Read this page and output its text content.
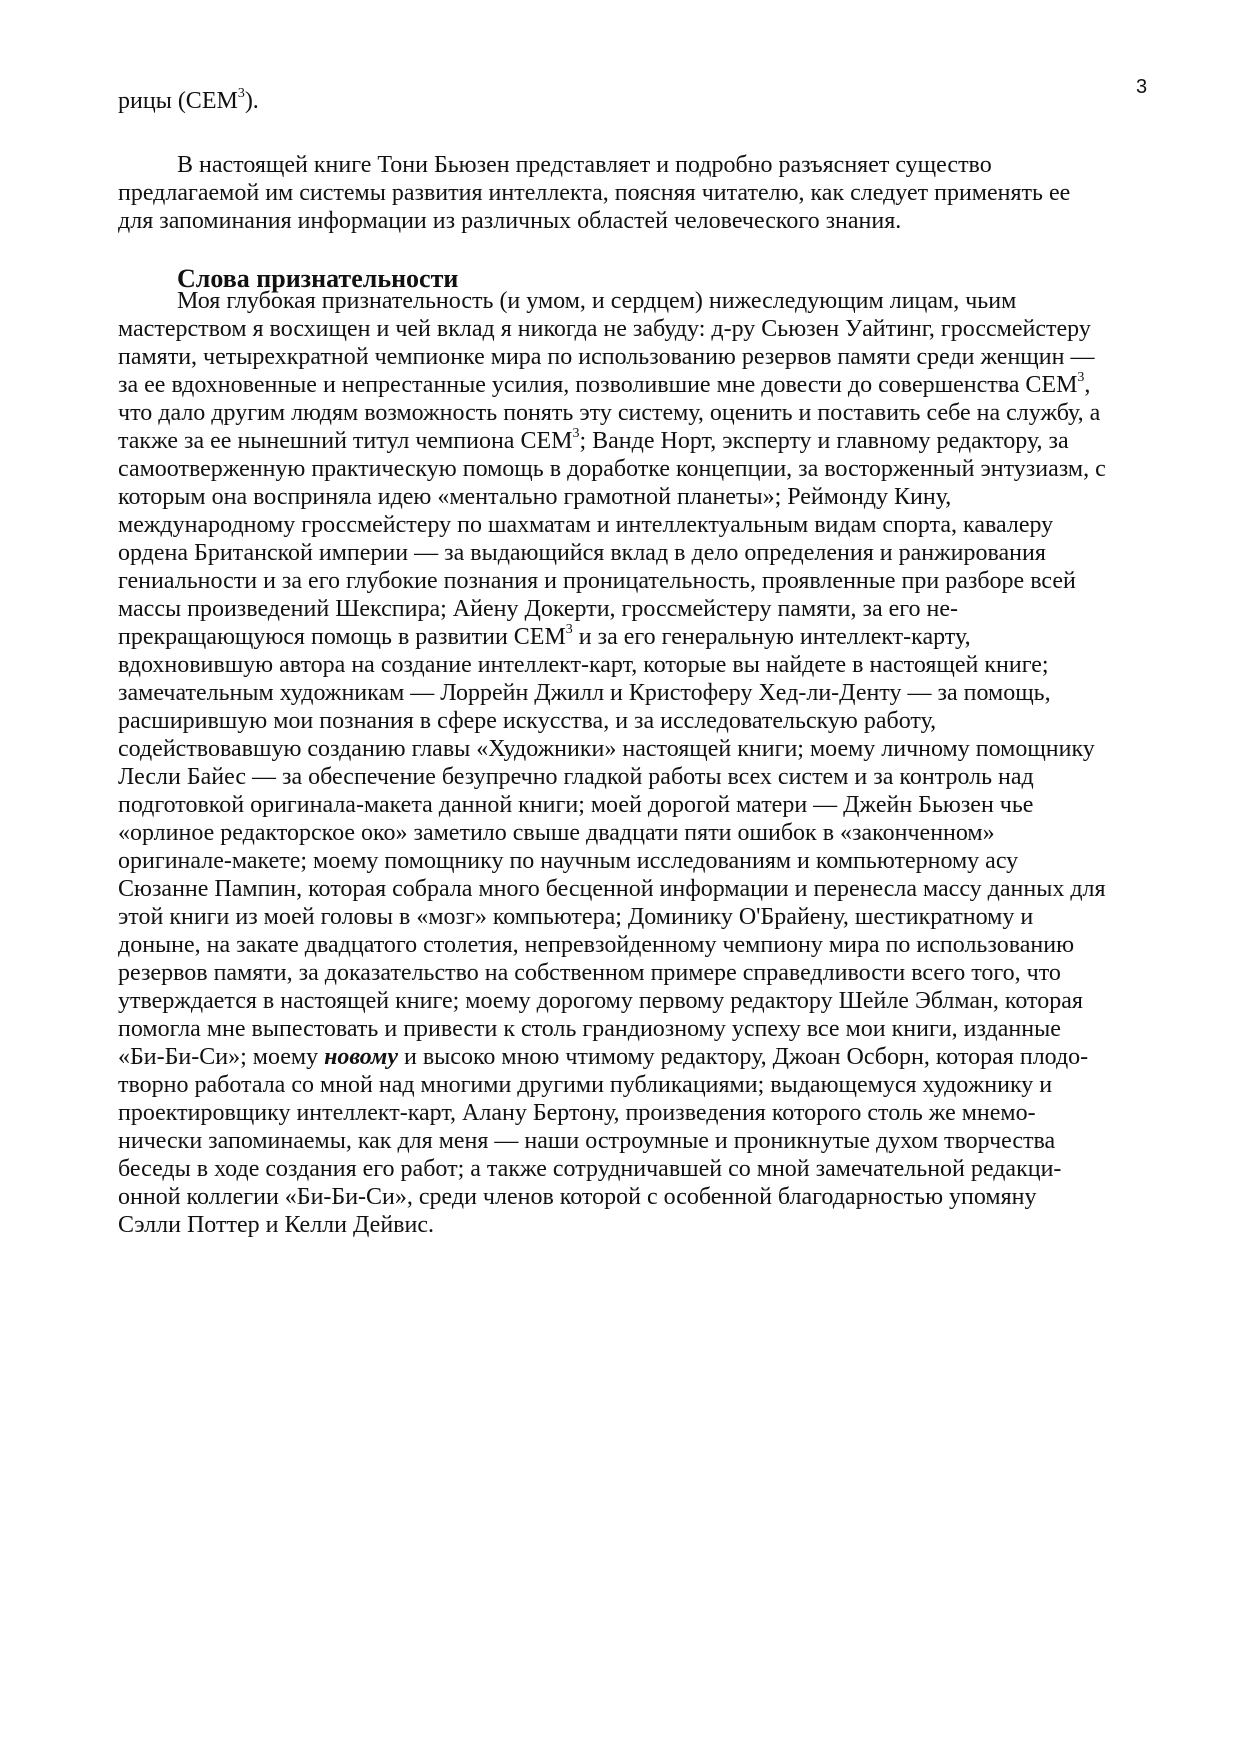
3

рицы (СЕМ$^3$).

В настоящей книге Тони Бьюзен представляет и подробно разъясняет существо

предлагаемой им системы развития интеллекта, поясняя читателю, как следует применять ее

для запоминания информации из различных областей человеческого знания.

Слова признательности

Моя глубокая признательность (и умом, и сердцем) нижеследующим лицам, чьим

мастерством я восхищен и чей вклад я никогда не забуду: д-ру Сьюзен Уайтинг, гроссмейстеру

памяти, четырехкратной чемпионке мира по использованию резервов памяти среди женщин —

за ее вдохновенные и непрестанные усилия, позволившие мне довести до совершенства СЕМ$^3$,

что дало другим людям возможность понять эту систему, оценить и поставить себе на службу, а

также за ее нынешний титул чемпиона СЕМ$^3$; Ванде Норт, эксперту и главному редактору, за

самоотверженную практическую помощь в доработке концепции, за восторженный энтузиазм, с

которым она восприняла идею «ментально грамотной планеты»; Реймонду Кину,

международному гроссмейстеру по шахматам и интеллектуальным видам спорта, кавалеру

ордена Британской империи — за выдающийся вклад в дело определения и ранжирования

гениальности и за его глубокие познания и проницательность, проявленные при разборе всей

массы произведений Шекспира; Айену Докерти, гроссмейстеру памяти, за его не-

прекращающуюся помощь в развитии СЕМ$^3$ и за его генеральную интеллект-карту,

вдохновившую автора на создание интеллект-карт, которые вы найдете в настоящей книге;

замечательным художникам — Лоррейн Джилл и Кристоферу Хед-ли-Денту — за помощь,

расширившую мои познания в сфере искусства, и за исследовательскую работу,

содействовавшую созданию главы «Художники» настоящей книги; моему личному помощнику

Лесли Байес — за обеспечение безупречно гладкой работы всех систем и за контроль над

подготовкой оригинала-макета данной книги; моей дорогой матери — Джейн Бьюзен чье

«орлиное редакторское око» заметило свыше двадцати пяти ошибок в «законченном»

оригинале-макете; моему помощнику по научным исследованиям и компьютерному асу

Сюзанне Пампин, которая собрала много бесценной информации и перенесла массу данных для

этой книги из моей головы в «мозг» компьютера; Доминику О'Брайену, шестикратному и

доныне, на закате двадцатого столетия, непревзойденному чемпиону мира по использованию

резервов памяти, за доказательство на собственном примере справедливости всего того, что

утверждается в настоящей книге; моему дорогому первому редактору Шейле Эблман, которая

помогла мне выпестовать и привести к столь грандиозному успеху все мои книги, изданные

«Би-Би-Си»; моему новому и высоко мною чтимому редактору, Джоан Осборн, которая плодо-

творно работала со мной над многими другими публикациями; выдающемуся художнику и

проектировщику интеллект-карт, Алану Бертону, произведения которого столь же мнемо-

нически запоминаемы, как для меня — наши остроумные и проникнутые духом творчества

беседы в ходе создания его работ; а также сотрудничавшей со мной замечательной редакци-

онной коллегии «Би-Би-Си», среди членов которой с особенной благодарностью упомяну

Сэлли Поттер и Келли Дейвис.
